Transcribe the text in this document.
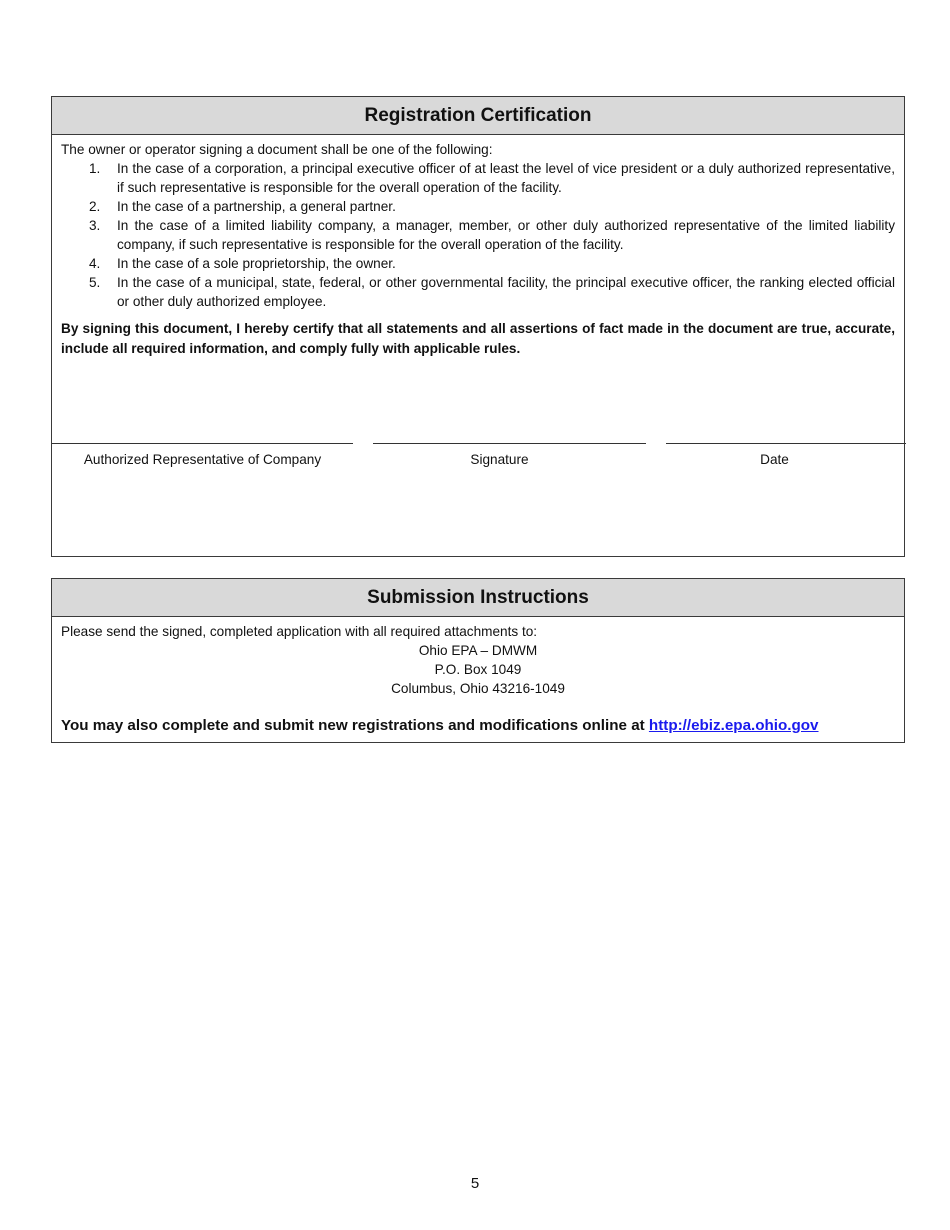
Registration Certification
The owner or operator signing a document shall be one of the following:
1.	In the case of a corporation, a principal executive officer of at least the level of vice president or a duly authorized representative, if such representative is responsible for the overall operation of the facility.
2.	In the case of a partnership, a general partner.
3.	In the case of a limited liability company, a manager, member, or other duly authorized representative of the limited liability company, if such representative is responsible for the overall operation of the facility.
4.	In the case of a sole proprietorship, the owner.
5.	In the case of a municipal, state, federal, or other governmental facility, the principal executive officer, the ranking elected official or other duly authorized employee.
By signing this document, I hereby certify that all statements and all assertions of fact made in the document are true, accurate, include all required information, and comply fully with applicable rules.
Authorized Representative of Company	Signature	Date
Submission Instructions
Please send the signed, completed application with all required attachments to:
Ohio EPA – DMWM
P.O. Box 1049
Columbus, Ohio 43216-1049
You may also complete and submit new registrations and modifications online at http://ebiz.epa.ohio.gov
5
